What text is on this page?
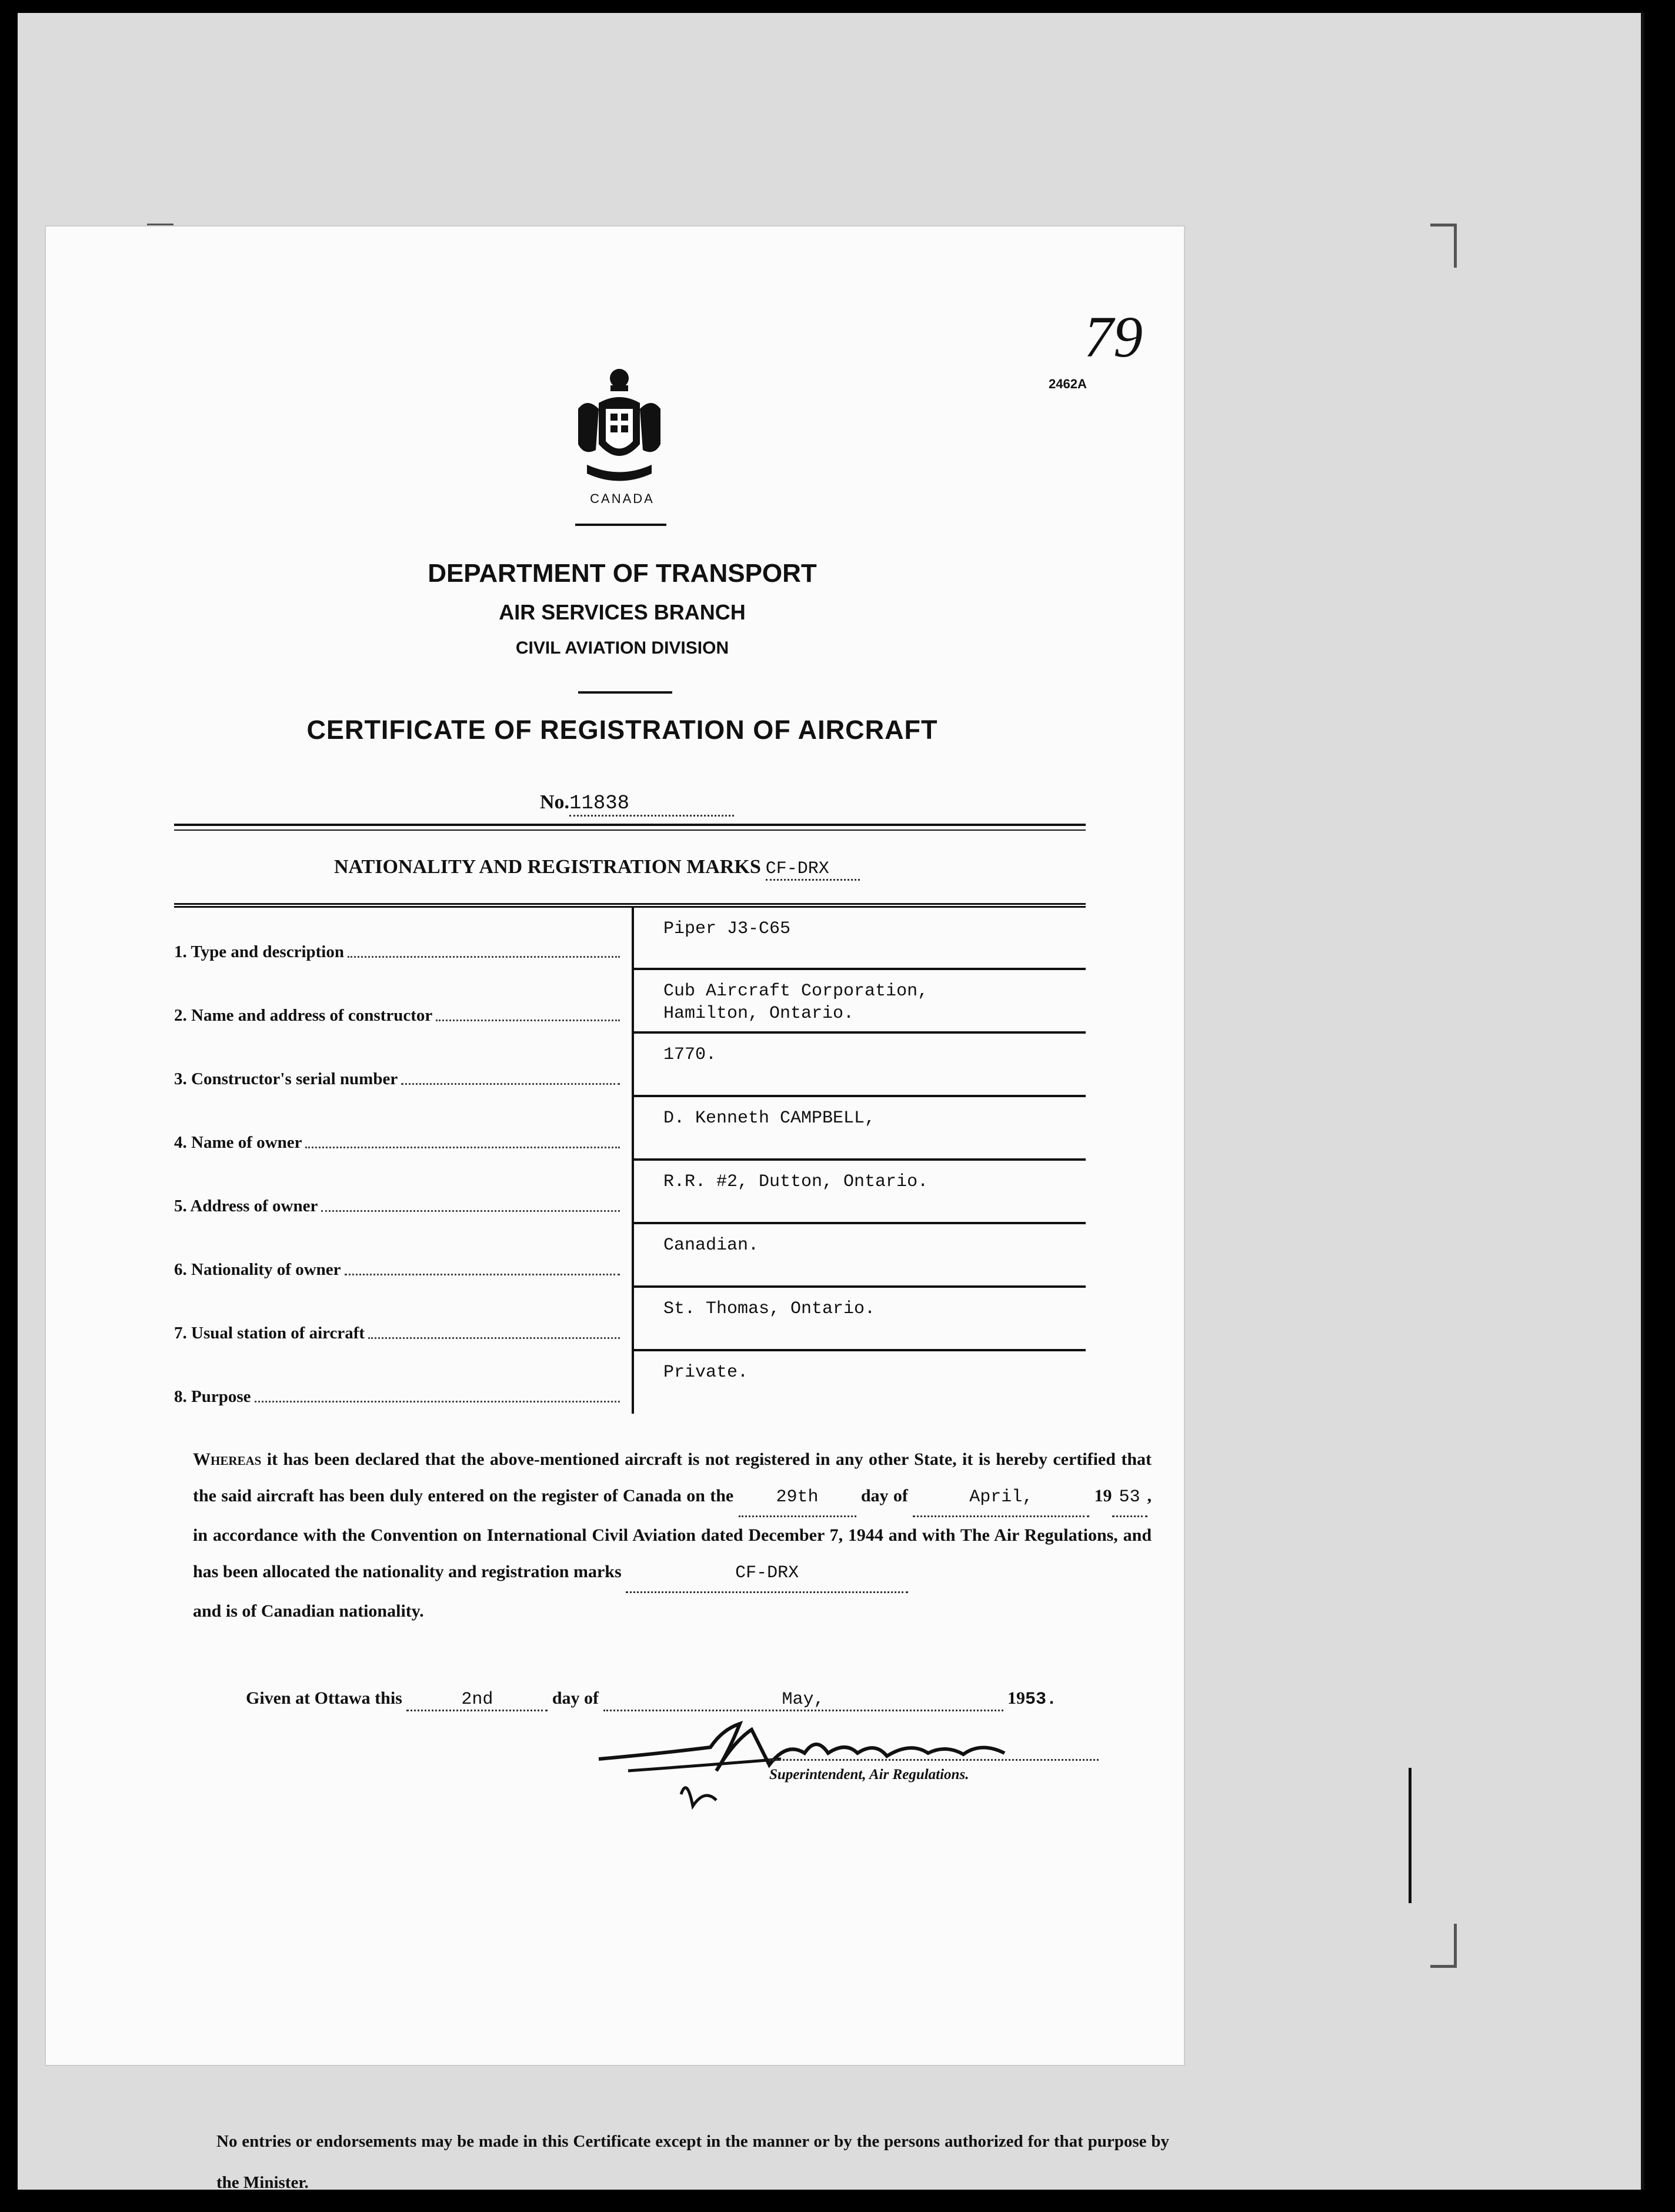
79
2462A
CANADA
DEPARTMENT OF TRANSPORT
AIR SERVICES BRANCH
CIVIL AVIATION DIVISION
CERTIFICATE OF REGISTRATION OF AIRCRAFT
No.11838
NATIONALITY AND REGISTRATION MARKS CF-DRX
1. Type and description	Piper J3-C65

2. Name and address of constructor	Cub Aircraft Corporation,
Hamilton, Ontario.

3. Constructor's serial number	1770.

4. Name of owner	D. Kenneth CAMPBELL,

5. Address of owner	R.R. #2, Dutton, Ontario.

6. Nationality of owner	Canadian.

7. Usual station of aircraft	St. Thomas, Ontario.

8. Purpose	Private.
Whereas it has been declared that the above-mentioned aircraft is not registered in any other State, it is hereby certified that the said aircraft has been duly entered on the register of Canada on the 29th day of	April,	19 53 , in accordance with the Convention on International Civil Aviation dated December 7, 1944 and with The Air Regulations, and has been allocated the nationality and registration marks	CF-DRX
and is of Canadian nationality.
Given at Ottawa this	2nd	day of	May,	1953.
Superintendent, Air Regulations.
No entries or endorsements may be made in this Certificate except in the manner or by the persons authorized for that purpose by the Minister.
